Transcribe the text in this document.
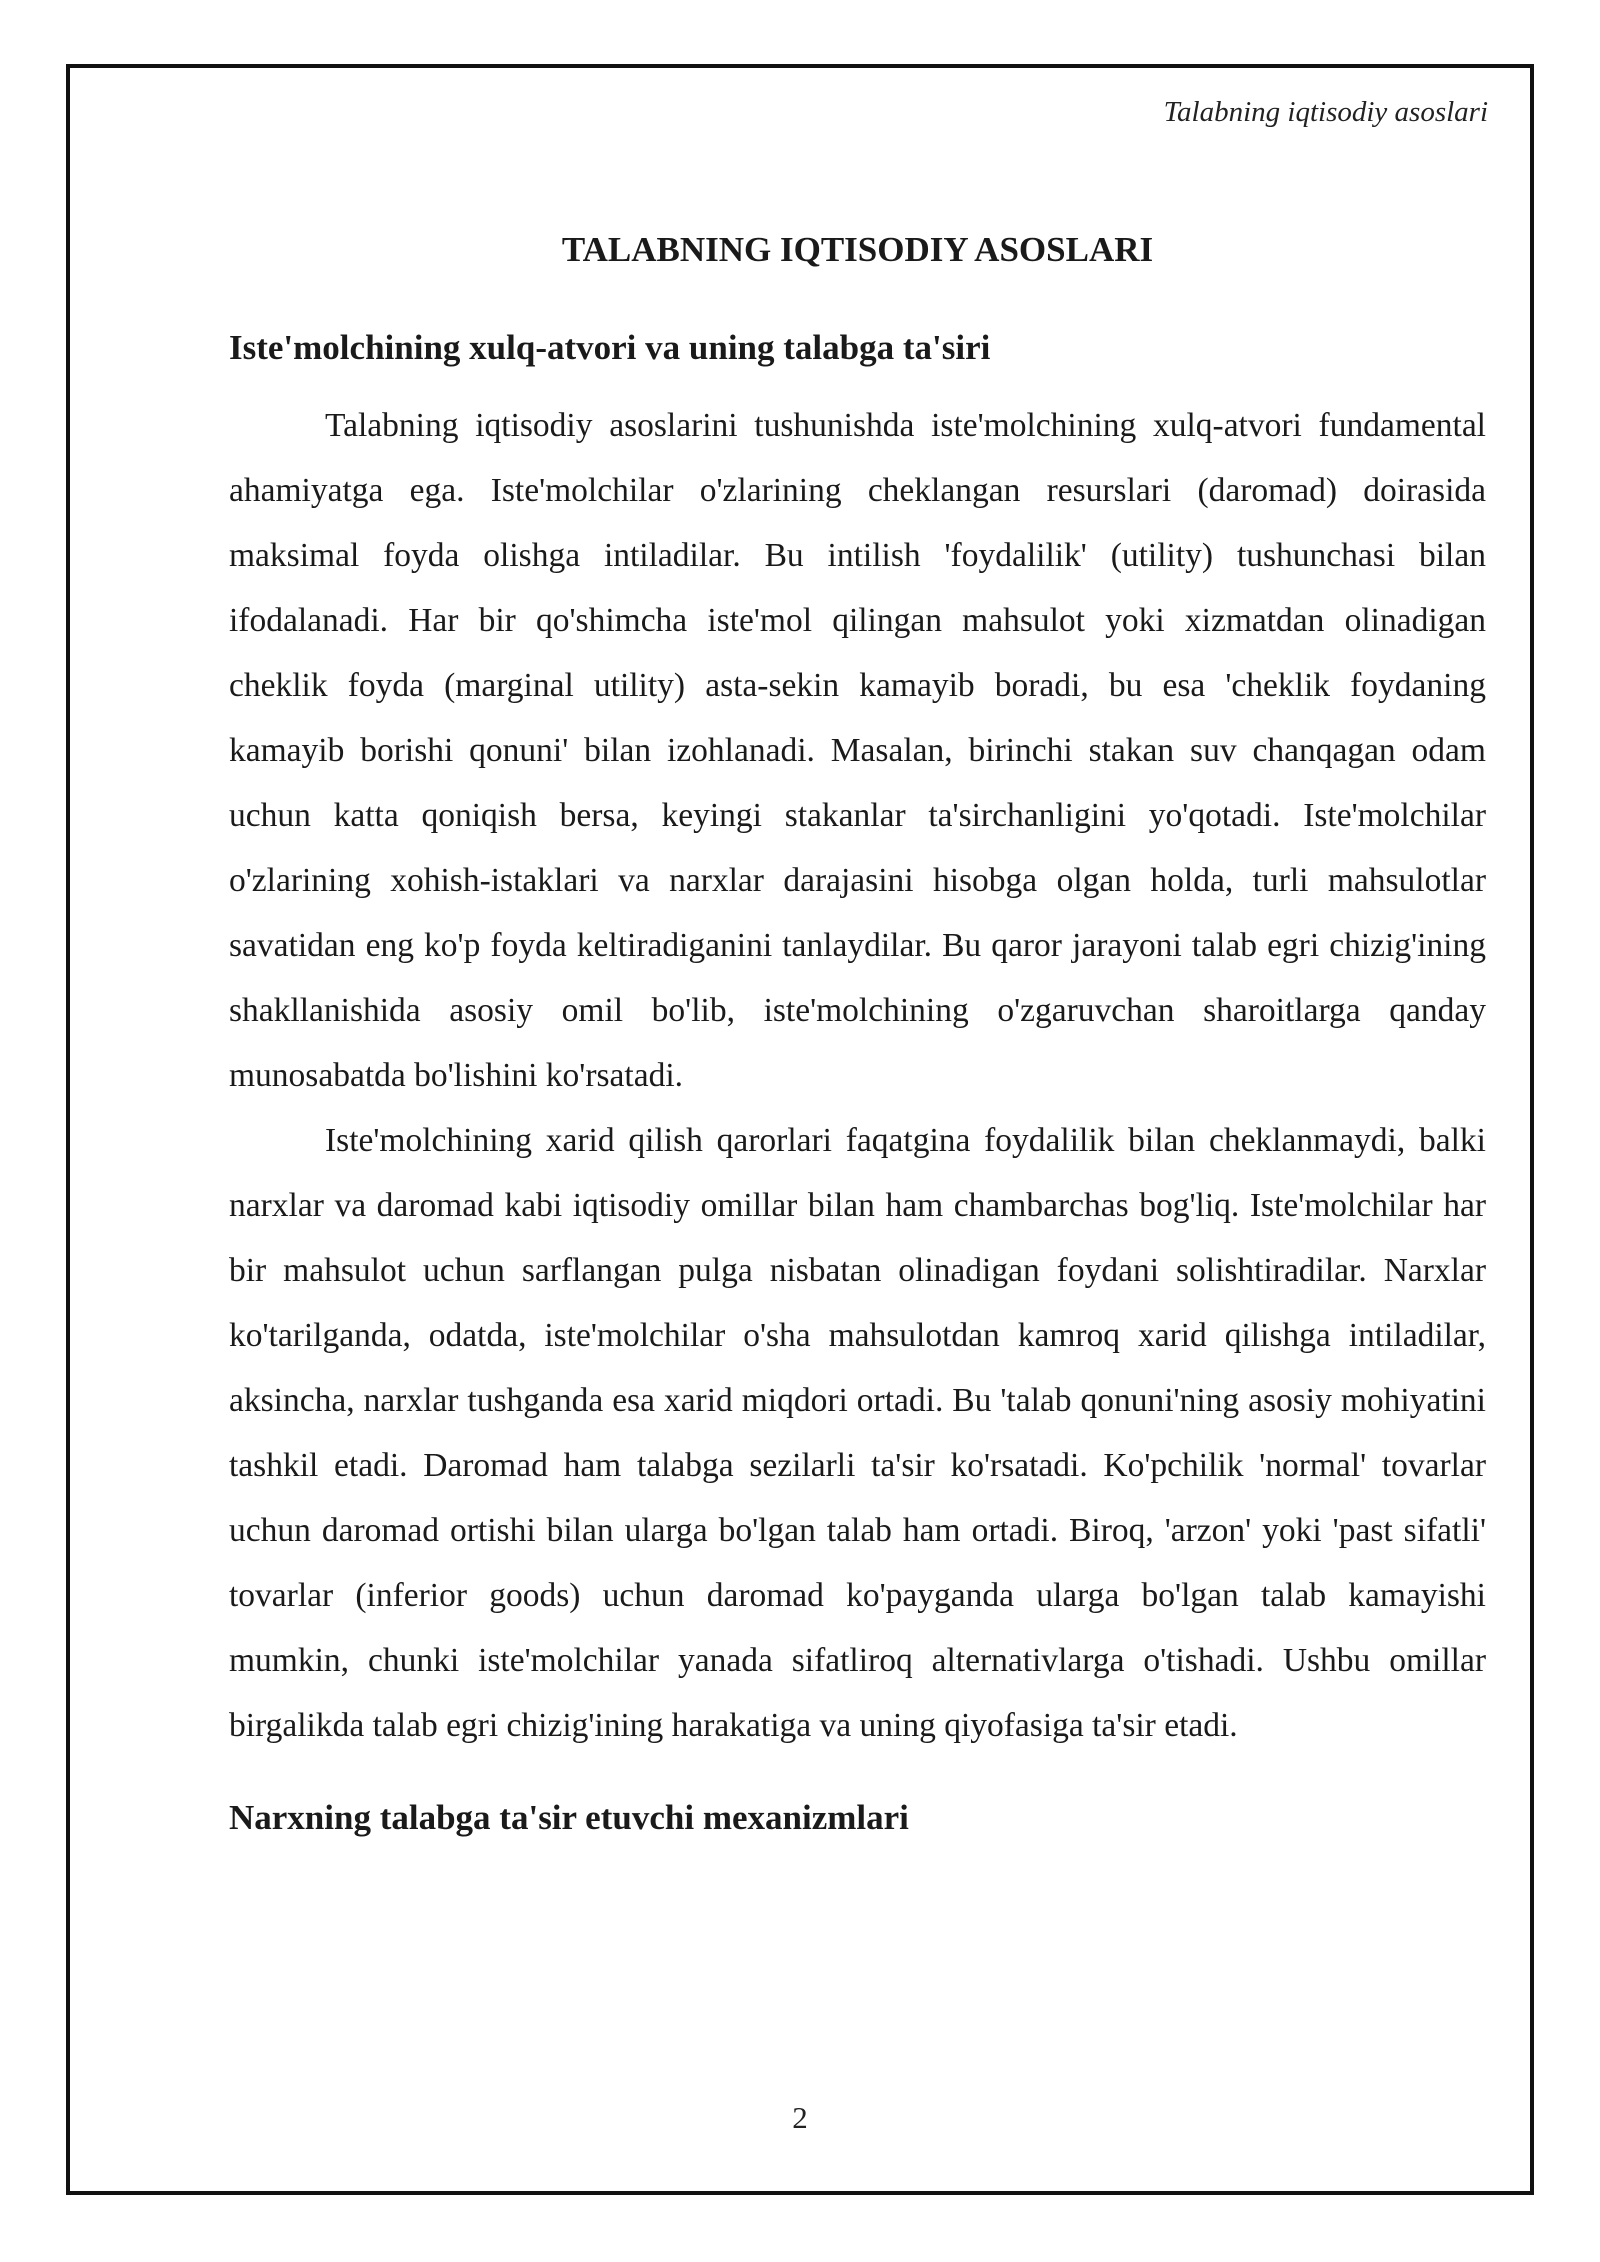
Talabning iqtisodiy asoslari
TALABNING IQTISODIY ASOSLARI
Iste'molchining xulq-atvori va uning talabga ta'siri

Talabning iqtisodiy asoslarini tushunishda iste'molchining xulq-atvori fundamental ahamiyatga ega. Iste'molchilar o'zlarining cheklangan resurslari (daromad) doirasida maksimal foyda olishga intiladilar. Bu intilish 'foydalilik' (utility) tushunchasi bilan ifodalanadi. Har bir qo'shimcha iste'mol qilingan mahsulot yoki xizmatdan olinadigan cheklik foyda (marginal utility) asta-sekin kamayib boradi, bu esa 'cheklik foydaning kamayib borishi qonuni' bilan izohlanadi. Masalan, birinchi stakan suv chanqagan odam uchun katta qoniqish bersa, keyingi stakanlar ta'sirchanligini yo'qotadi. Iste'molchilar o'zlarining xohish-istaklari va narxlar darajasini hisobga olgan holda, turli mahsulotlar savatidan eng ko'p foyda keltiradiganini tanlaydilar. Bu qaror jarayoni talab egri chizig'ining shakllanishida asosiy omil bo'lib, iste'molchining o'zgaruvchan sharoitlarga qanday munosabatda bo'lishini ko'rsatadi.

Iste'molchining xarid qilish qarorlari faqatgina foydalilik bilan cheklanmaydi, balki narxlar va daromad kabi iqtisodiy omillar bilan ham chambarchas bog'liq. Iste'molchilar har bir mahsulot uchun sarflangan pulga nisbatan olinadigan foydani solishtiradilar. Narxlar ko'tarilganda, odatda, iste'molchilar o'sha mahsulotdan kamroq xarid qilishga intiladilar, aksincha, narxlar tushganda esa xarid miqdori ortadi. Bu 'talab qonuni'ning asosiy mohiyatini tashkil etadi. Daromad ham talabga sezilarli ta'sir ko'rsatadi. Ko'pchilik 'normal' tovarlar uchun daromad ortishi bilan ularga bo'lgan talab ham ortadi. Biroq, 'arzon' yoki 'past sifatli' tovarlar (inferior goods) uchun daromad ko'payganda ularga bo'lgan talab kamayishi mumkin, chunki iste'molchilar yanada sifatliroq alternativlarga o'tishadi. Ushbu omillar birgalikda talab egri chizig'ining harakatiga va uning qiyofasiga ta'sir etadi.

Narxning talabga ta'sir etuvchi mexanizmlari
2
